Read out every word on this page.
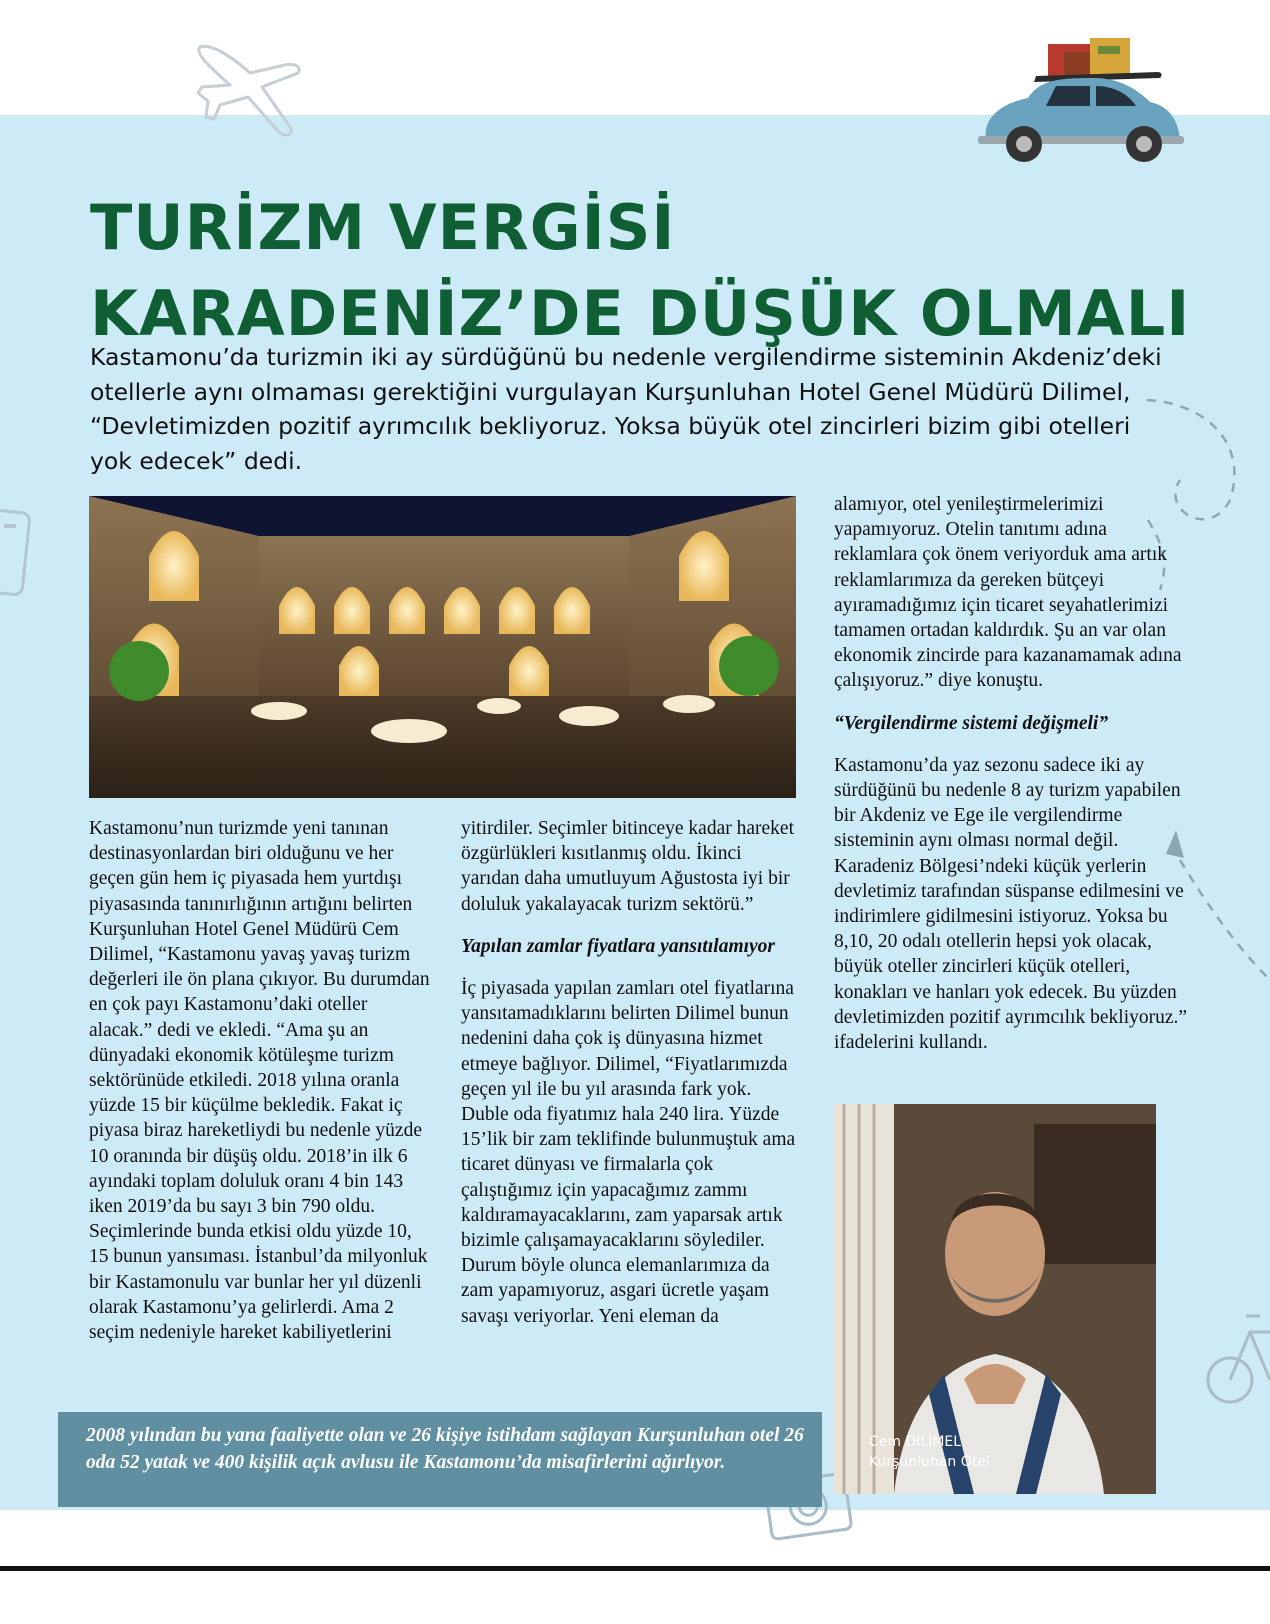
TURİZM VERGİSİ KARADENİZ’DE DÜŞÜK OLMALI

Kastamonu’da turizmin iki ay sürdüğünü bu nedenle vergilendirme sisteminin Akdeniz’deki otellerle aynı olmaması gerektiğini vurgulayan Kurşunluhan Hotel Genel Müdürü Dilimel, “Devletimizden pozitif ayrımcılık bekliyoruz. Yoksa büyük otel zincirleri bizim gibi otelleri yok edecek” dedi.

Kastamonu’nun turizmde yeni tanınan destinasyonlardan biri olduğunu ve her geçen gün hem iç piyasada hem yurtdışı piyasasında tanınırlığının artığını belirten Kurşunluhan Hotel Genel Müdürü Cem Dilimel, “Kastamonu yavaş yavaş turizm değerleri ile ön plana çıkıyor. Bu durumdan en çok payı Kastamonu’daki oteller alacak.” dedi ve ekledi. “Ama şu an dünyadaki ekonomik kötüleşme turizm sektörünüde etkiledi. 2018 yılına oranla yüzde 15 bir küçülme bekledik. Fakat iç piyasa biraz hareketliydi bu nedenle yüzde 10 oranında bir düşüş oldu. 2018’in ilk 6 ayındaki toplam doluluk oranı 4 bin 143 iken 2019’da bu sayı 3 bin 790 oldu. Seçimlerinde bunda etkisi oldu yüzde 10, 15 bunun yansıması. İstanbul’da milyonluk bir Kastamonulu var bunlar her yıl düzenli olarak Kastamonu’ya gelirlerdi. Ama 2 seçim nedeniyle hareket kabiliyetlerini

yitirdiler. Seçimler bitinceye kadar hareket özgürlükleri kısıtlanmış oldu. İkinci yarıdan daha umutluyum Ağustosta iyi bir doluluk yakalayacak turizm sektörü.”

Yapılan zamlar fiyatlara yansıtılamıyor

İç piyasada yapılan zamları otel fiyatlarına yansıtamadıklarını belirten Dilimel bunun nedenini daha çok iş dünyasına hizmet etmeye bağlıyor. Dilimel, “Fiyatlarımızda geçen yıl ile bu yıl arasında fark yok. Duble oda fiyatımız hala 240 lira. Yüzde 15’lik bir zam teklifinde bulunmuştuk ama ticaret dünyası ve firmalarla çok çalıştığımız için yapacağımız zammı kaldıramayacaklarını, zam yaparsak artık bizimle çalışamayacaklarını söylediler. Durum böyle olunca elemanlarımıza da zam yapamıyoruz, asgari ücretle yaşam savaşı veriyorlar. Yeni eleman da

alamıyor, otel yenileştirmelerimizi yapamıyoruz. Otelin tanıtımı adına reklamlara çok önem veriyorduk ama artık reklamlarımıza da gereken bütçeyi ayıramadığımız için ticaret seyahatlerimizi tamamen ortadan kaldırdık. Şu an var olan ekonomik zincirde para kazanamamak adına çalışıyoruz.” diye konuştu.

“Vergilendirme sistemi değişmeli”

Kastamonu’da yaz sezonu sadece iki ay sürdüğünü bu nedenle 8 ay turizm yapabilen bir Akdeniz ve Ege ile vergilendirme sisteminin aynı olması normal değil. Karadeniz Bölgesi’ndeki küçük yerlerin devletimiz tarafından süspanse edilmesini ve indirimlere gidilmesini istiyoruz. Yoksa bu 8,10, 20 odalı otellerin hepsi yok olacak, büyük oteller zincirleri küçük otelleri, konakları ve hanları yok edecek. Bu yüzden devletimizden pozitif ayrımcılık bekliyoruz.” ifadelerini kullandı.

Cem DİLİMEL
Kurşunluhan Otel

2008 yılından bu yana faaliyette olan ve 26 kişiye istihdam sağlayan Kurşunluhan otel 26 oda 52 yatak ve 400 kişilik açık avlusu ile Kastamonu’da misafirlerini ağırlıyor.
